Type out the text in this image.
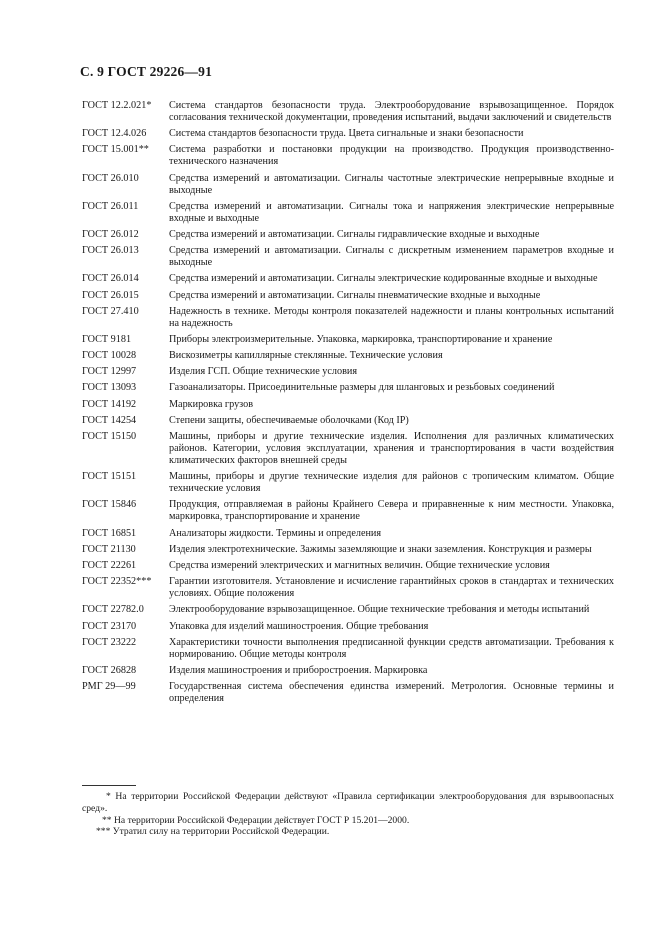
С. 9 ГОСТ 29226—91
ГОСТ 12.2.021*	Система стандартов безопасности труда. Электрооборудование взрывозащищенное. Порядок согласования технической документации, проведения испытаний, выдачи заключений и свидетельств
ГОСТ 12.4.026	Система стандартов безопасности труда. Цвета сигнальные и знаки безопасности
ГОСТ 15.001**	Система разработки и постановки продукции на производство. Продукция производственно-технического назначения
ГОСТ 26.010	Средства измерений и автоматизации. Сигналы частотные электрические непрерывные входные и выходные
ГОСТ 26.011	Средства измерений и автоматизации. Сигналы тока и напряжения электрические непрерывные входные и выходные
ГОСТ 26.012	Средства измерений и автоматизации. Сигналы гидравлические входные и выходные
ГОСТ 26.013	Средства измерений и автоматизации. Сигналы с дискретным изменением параметров входные и выходные
ГОСТ 26.014	Средства измерений и автоматизации. Сигналы электрические кодированные входные и выходные
ГОСТ 26.015	Средства измерений и автоматизации. Сигналы пневматические входные и выходные
ГОСТ 27.410	Надежность в технике. Методы контроля показателей надежности и планы контрольных испытаний на надежность
ГОСТ 9181	Приборы электроизмерительные. Упаковка, маркировка, транспортирование и хранение
ГОСТ 10028	Вискозиметры капиллярные стеклянные. Технические условия
ГОСТ 12997	Изделия ГСП. Общие технические условия
ГОСТ 13093	Газоанализаторы. Присоединительные размеры для шланговых и резьбовых соединений
ГОСТ 14192	Маркировка грузов
ГОСТ 14254	Степени защиты, обеспечиваемые оболочками (Код IP)
ГОСТ 15150	Машины, приборы и другие технические изделия. Исполнения для различных климатических районов. Категории, условия эксплуатации, хранения и транспортирования в части воздействия климатических факторов внешней среды
ГОСТ 15151	Машины, приборы и другие технические изделия для районов с тропическим климатом. Общие технические условия
ГОСТ 15846	Продукция, отправляемая в районы Крайнего Севера и приравненные к ним местности. Упаковка, маркировка, транспортирование и хранение
ГОСТ 16851	Анализаторы жидкости. Термины и определения
ГОСТ 21130	Изделия электротехнические. Зажимы заземляющие и знаки заземления. Конструкция и размеры
ГОСТ 22261	Средства измерений электрических и магнитных величин. Общие технические условия
ГОСТ 22352***	Гарантии изготовителя. Установление и исчисление гарантийных сроков в стандартах и технических условиях. Общие положения
ГОСТ 22782.0	Электрооборудование взрывозащищенное. Общие технические требования и методы испытаний
ГОСТ 23170	Упаковка для изделий машиностроения. Общие требования
ГОСТ 23222	Характеристики точности выполнения предписанной функции средств автоматизации. Требования к нормированию. Общие методы контроля
ГОСТ 26828	Изделия машиностроения и приборостроения. Маркировка
РМГ 29—99	Государственная система обеспечения единства измерений. Метрология. Основные термины и определения
* На территории Российской Федерации действуют «Правила сертификации электрооборудования для взрывоопасных сред».
** На территории Российской Федерации действует ГОСТ Р 15.201—2000.
*** Утратил силу на территории Российской Федерации.
